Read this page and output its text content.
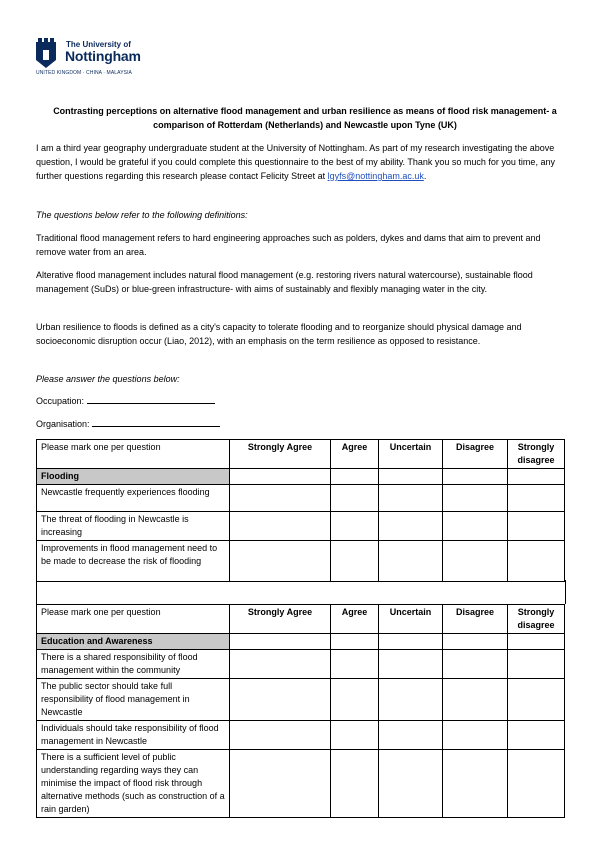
The University of
Nottingham
UNITED KINGDOM · CHINA · MALAYSIA
Contrasting perceptions on alternative flood management and urban resilience as means of flood risk management- a comparison of Rotterdam (Netherlands) and Newcastle upon Tyne (UK)
I am a third year geography undergraduate student at the University of Nottingham. As part of my research investigating the above question, I would be grateful if you could complete this questionnaire to the best of my ability. Thank you so much for you time, any further questions regarding this research please contact Felicity Street at lgyfs@nottingham.ac.uk.
The questions below refer to the following definitions:
Traditional flood management refers to hard engineering approaches such as polders, dykes and dams that aim to prevent and remove water from an area.
Alterative flood management includes natural flood management (e.g. restoring rivers natural watercourse), sustainable flood management (SuDs) or blue-green infrastructure- with aims of sustainably and flexibly managing water in the city.
Urban resilience to floods is defined as a city's capacity to tolerate flooding and to reorganize should physical damage and socioeconomic disruption occur (Liao, 2012), with an emphasis on the term resilience as opposed to resistance.
Please answer the questions below:
Occupation:
Organisation:
Please mark one per question	Strongly Agree	Agree	Uncertain	Disagree	Strongly disagree
Flooding					
Newcastle frequently experiences flooding					
The threat of flooding in Newcastle is increasing					
Improvements in flood management need to be made to decrease the risk of flooding					
Please mark one per question	Strongly Agree	Agree	Uncertain	Disagree	Strongly disagree
Education and Awareness					
There is a shared responsibility of flood management within the community					
The public sector should take full responsibility of flood management in Newcastle					
Individuals should take responsibility of flood management in Newcastle					
There is a sufficient level of public understanding regarding ways they can minimise the impact of flood risk through alternative methods (such as construction of a rain garden)					
